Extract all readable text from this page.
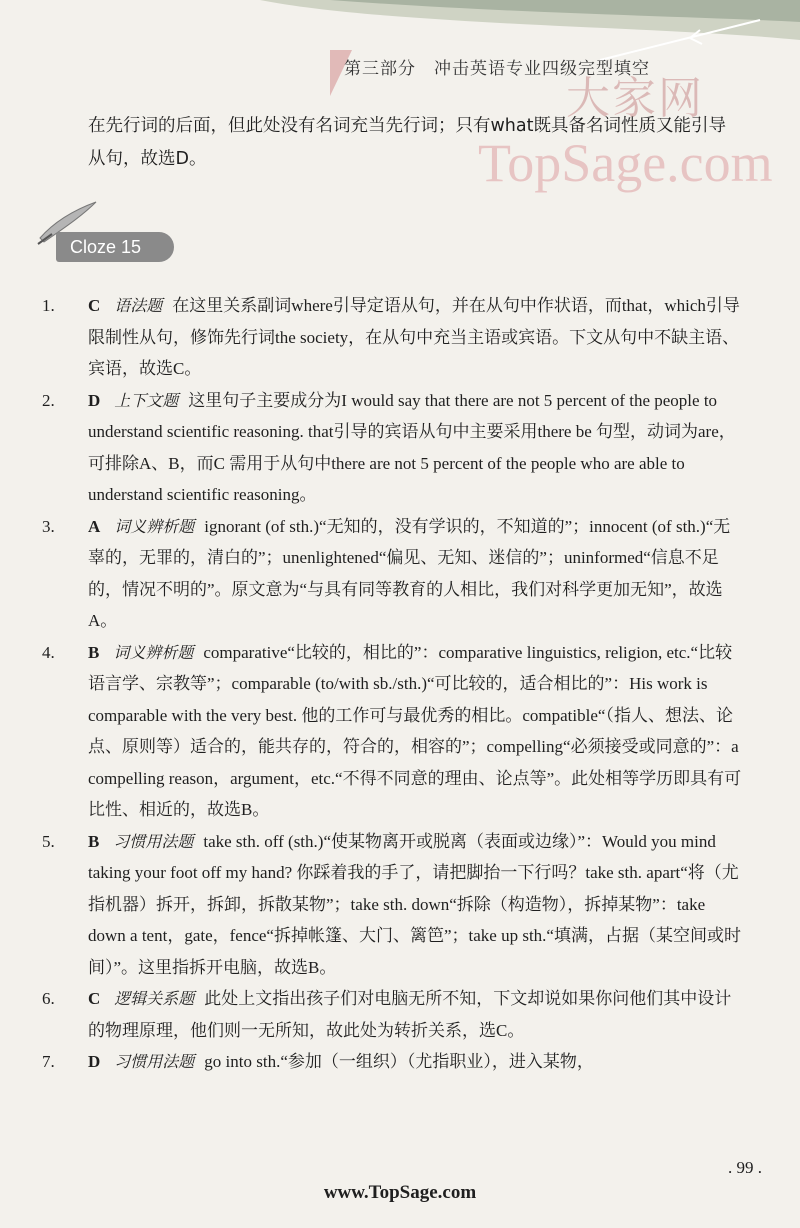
第三部分　冲击英语专业四级完型填空
大家网
TopSage.com
在先行词的后面，但此处没有名词充当先行词；只有what既具备名词性质又能引导从句，故选D。
Cloze 15
1. C 语法题 在这里关系副词where引导定语从句，并在从句中作状语，而that，which引导限制性从句，修饰先行词the society，在从句中充当主语或宾语。下文从句中不缺主语、宾语，故选C。
2. D 上下文题 这里句子主要成分为I would say that there are not 5 percent of the people to understand scientific reasoning. that引导的宾语从句中主要采用there be 句型，动词为are，可排除A、B，而C 需用于从句中there are not 5 percent of the people who are able to understand scientific reasoning。
3. A 词义辨析题 ignorant (of sth.)“无知的，没有学识的，不知道的”；innocent (of sth.)“无辜的，无罪的，清白的”；unenlightened“偏见、无知、迷信的”；uninformed“信息不足的，情况不明的”。原文意为“与具有同等教育的人相比，我们对科学更加无知”，故选A。
4. B 词义辨析题 comparative“比较的，相比的”：comparative linguistics, religion, etc.“比较语言学、宗教等”；comparable (to/with sb./sth.)“可比较的，适合相比的”：His work is comparable with the very best. 他的工作可与最优秀的相比。compatible“（指人、想法、论点、原则等）适合的，能共存的，符合的，相容的”；compelling“必须接受或同意的”：a compelling reason，argument，etc.“不得不同意的理由、论点等”。此处相等学历即具有可比性、相近的，故选B。
5. B 习惯用法题 take sth. off (sth.)“使某物离开或脱离（表面或边缘）”：Would you mind taking your foot off my hand? 你踩着我的手了，请把脚抬一下行吗？take sth. apart“将（尤指机器）拆开，拆卸，拆散某物”；take sth. down“拆除（构造物），拆掉某物”：take down a tent，gate，fence“拆掉帐篷、大门、篱笆”；take up sth.“填满，占据（某空间或时间）”。这里指拆开电脑，故选B。
6. C 逻辑关系题 此处上文指出孩子们对电脑无所不知，下文却说如果你问他们其中设计的物理原理，他们则一无所知，故此处为转折关系，选C。
7. D 习惯用法题 go into sth.“参加（一组织）（尤指职业），进入某物，
. 99 .
www.TopSage.com
